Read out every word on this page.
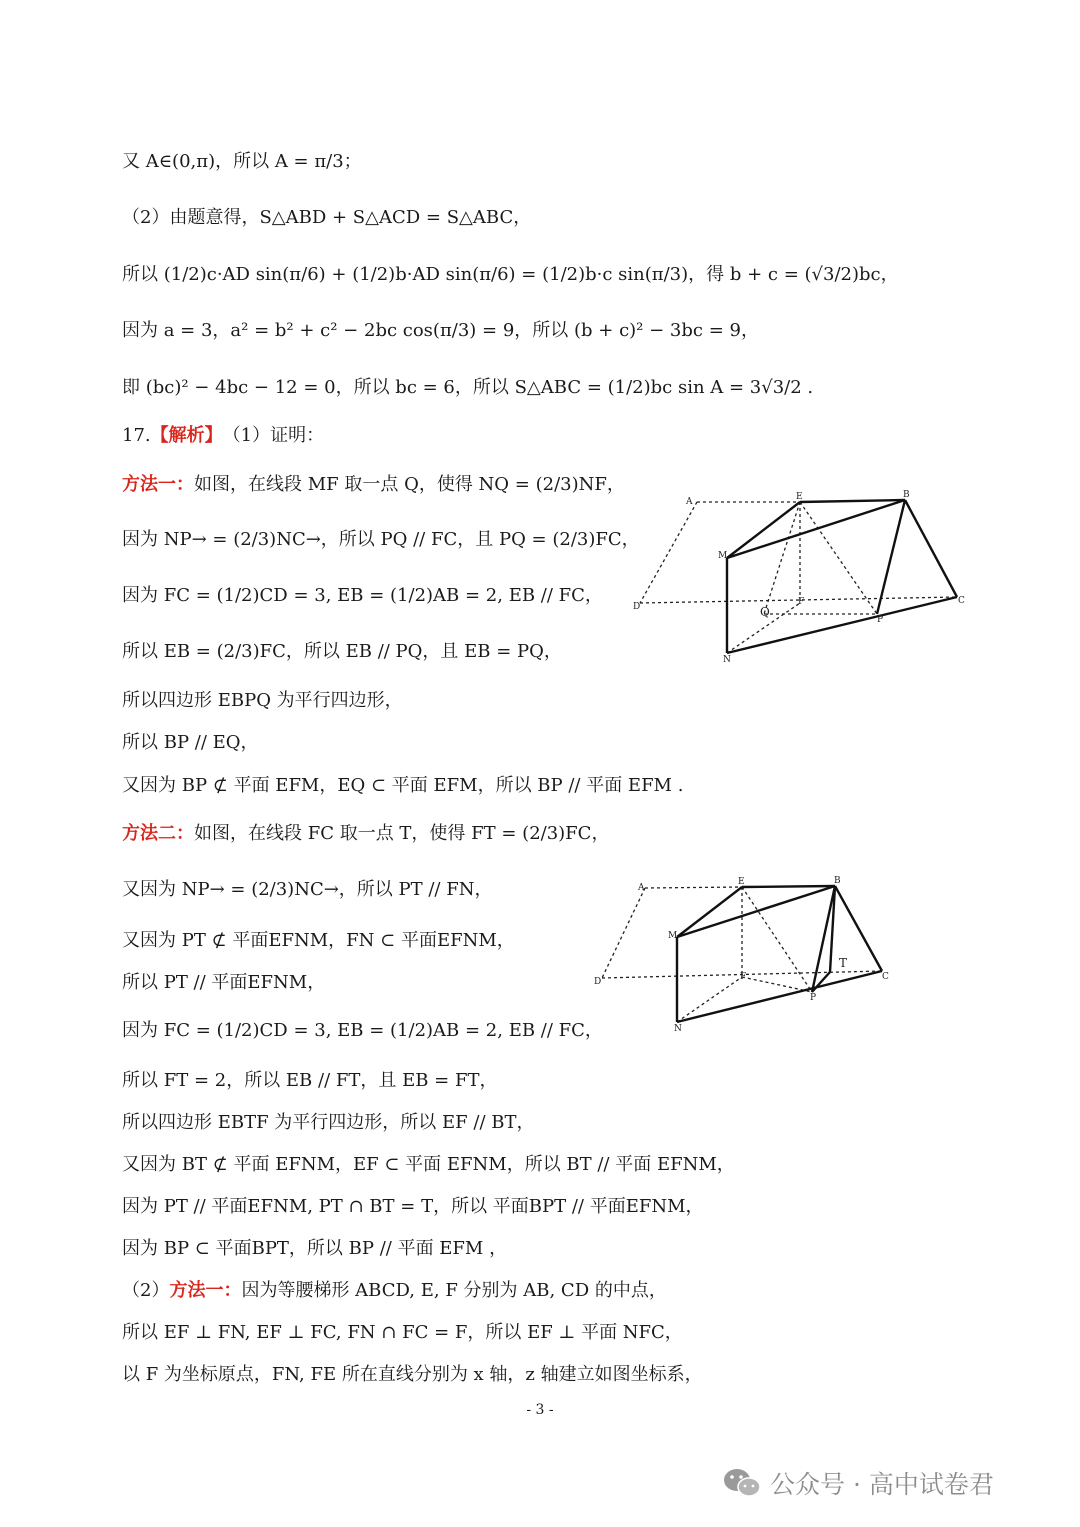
又 A∈(0,π)，所以 A = π/3；
（2）由题意得，S△ABD + S△ACD = S△ABC，
所以 (1/2)c·AD sin(π/6) + (1/2)b·AD sin(π/6) = (1/2)b·c sin(π/3)，得 b + c = (√3/2)bc，
因为 a = 3，a² = b² + c² − 2bc cos(π/3) = 9，所以 (b + c)² − 3bc = 9，
即 (bc)² − 4bc − 12 = 0，所以 bc = 6，所以 S△ABC = (1/2)bc sin A = 3√3/2 .
17.【解析】（1）证明：
方法一：如图，在线段 MF 取一点 Q，使得 NQ = (2/3)NF，
因为 NP→ = (2/3)NC→，所以 PQ // FC，且 PQ = (2/3)FC，
因为 FC = (1/2)CD = 3, EB = (1/2)AB = 2, EB // FC，
所以 EB = (2/3)FC，所以 EB // PQ，且 EB = PQ，
所以四边形 EBPQ 为平行四边形，
所以 BP // EQ，
又因为 BP ⊄ 平面 EFM，EQ ⊂ 平面 EFM，所以 BP // 平面 EFM .
方法二：如图，在线段 FC 取一点 T，使得 FT = (2/3)FC，
又因为 NP→ = (2/3)NC→，所以 PT // FN，
又因为 PT ⊄ 平面EFNM，FN ⊂ 平面EFNM，
所以 PT // 平面EFNM，
因为 FC = (1/2)CD = 3, EB = (1/2)AB = 2, EB // FC，
所以 FT = 2，所以 EB // FT，且 EB = FT，
所以四边形 EBTF 为平行四边形，所以 EF // BT，
又因为 BT ⊄ 平面 EFNM，EF ⊂ 平面 EFNM，所以 BT // 平面 EFNM，
因为 PT // 平面EFNM, PT ∩ BT = T，所以 平面BPT // 平面EFNM，
因为 BP ⊂ 平面BPT，所以 BP // 平面 EFM ，
（2）方法一：因为等腰梯形 ABCD, E, F 分别为 AB, CD 的中点，
所以 EF ⊥ FN, EF ⊥ FC, FN ∩ FC = F，所以 EF ⊥ 平面 NFC，
以 F 为坐标原点，FN, FE 所在直线分别为 x 轴，z 轴建立如图坐标系，
A	E	B
M
D	Q
F
P
C
N
A
E	B
M
D	F
T
P
C
N
- 3 -
公众号 · 高中试卷君
